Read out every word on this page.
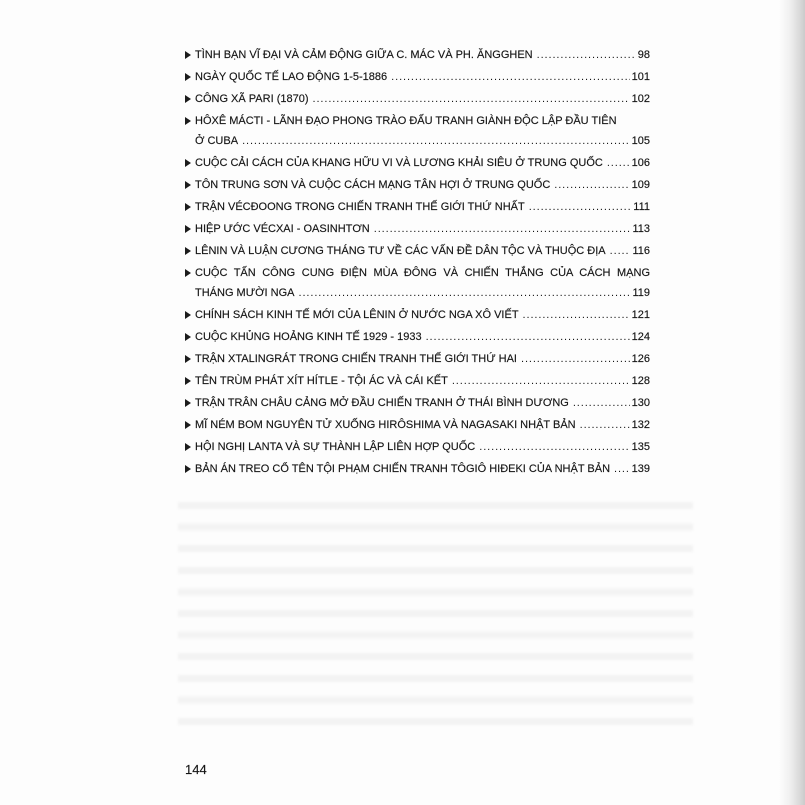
TÌNH BẠN VĨ ĐẠI VÀ CẢM ĐỘNG GIỮA C. MÁC VÀ PH. ĂNGGHEN .....	98
NGÀY QUỐC TẾ LAO ĐỘNG 1-5-1886 .....	101
CÔNG XÃ PARI (1870) .....	102
HÔXÊ MÁCTI - LÃNH ĐẠO PHONG TRÀO ĐẤU TRANH GIÀNH ĐỘC LẬP ĐẦU TIÊN
Ở CUBA .....	105
CUỘC CẢI CÁCH CỦA KHANG HỮU VI VÀ LƯƠNG KHẢI SIÊU Ở TRUNG QUỐC .....	106
TÔN TRUNG SƠN VÀ CUỘC CÁCH MẠNG TÂN HỢI Ở TRUNG QUỐC .....	109
TRẬN VÉCĐOONG TRONG CHIẾN TRANH THẾ GIỚI THỨ NHẤT .....	111
HIỆP ƯỚC VÉCXAI - OASINHTƠN .....	113
LÊNIN VÀ LUẬN CƯƠNG THÁNG TƯ VỀ CÁC VẤN ĐỀ DÂN TỘC VÀ THUỘC ĐỊA ..... 116
CUỘC TẤN CÔNG CUNG ĐIỆN MÙA ĐÔNG VÀ CHIẾN THẮNG CỦA CÁCH MẠNG
THÁNG MƯỜI NGA .....	119
CHÍNH SÁCH KINH TẾ MỚI CỦA LÊNIN Ở NƯỚC NGA XÔ VIẾT .....	121
CUỘC KHỦNG HOẢNG KINH TẾ 1929 - 1933 .....	124
TRẬN XTALINGRÁT TRONG CHIẾN TRANH THẾ GIỚI THỨ HAI .....	126
TÊN TRÙM PHÁT XÍT HÍTLE - TỘI ÁC VÀ CÁI KẾT .....	128
TRẬN TRÂN CHÂU CẢNG MỞ ĐẦU CHIẾN TRANH Ở THÁI BÌNH DƯƠNG .....	130
MĨ NÉM BOM NGUYÊN TỬ XUỐNG HIRÔSHIMA VÀ NAGASAKI NHẬT BẢN .....	132
HỘI NGHỊ LANTA VÀ SỰ THÀNH LẬP LIÊN HỢP QUỐC .....	135
BẢN ÁN TREO CỔ TÊN TỘI PHẠM CHIẾN TRANH TÔGIÔ HIĐEKI CỦA NHẬT BẢN ..... 139
144
